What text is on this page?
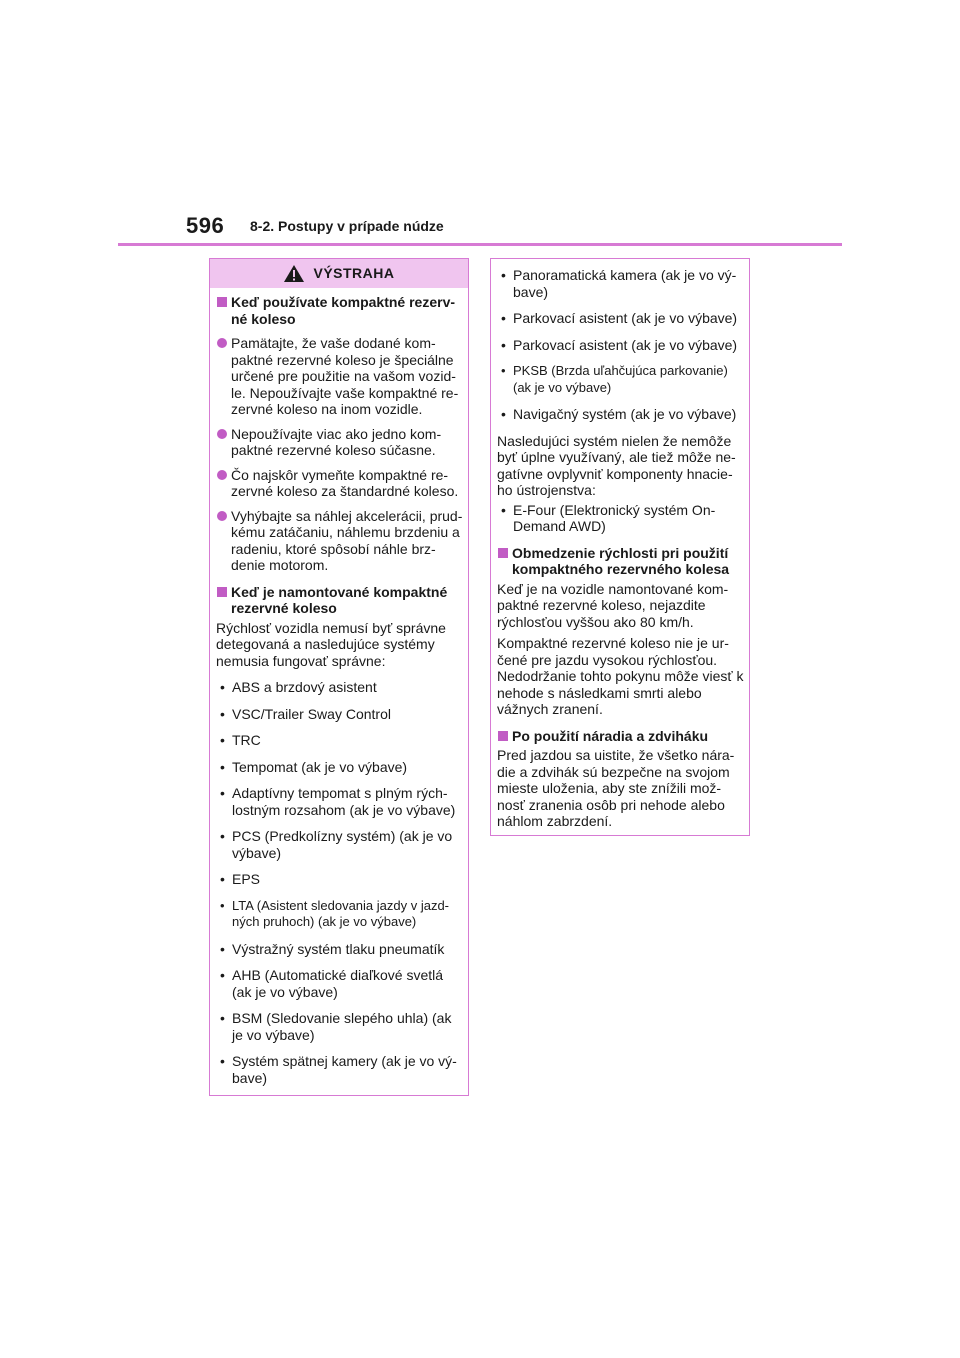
596 8-2. Postupy v prípade núdze
VÝSTRAHA
Keď používate kompaktné rezerv-né koleso
Pamätajte, že vaše dodané kom-paktné rezervné koleso je špeciálne určené pre použitie na vašom vozid-le. Nepoužívajte vaše kompaktné re-zervné koleso na inom vozidle.
Nepoužívajte viac ako jedno kom-paktné rezervné koleso súčasne.
Čo najskôr vymeňte kompaktné re-zervné koleso za štandardné koleso.
Vyhýbajte sa náhlej akcelerácii, prud-kému zatáčaniu, náhlemu brzdeniu a radeniu, ktoré spôsobí náhle brz-denie motorom.
Keď je namontované kompaktné rezervné koleso
Rýchlosť vozidla nemusí byť správne detegovaná a nasledujúce systémy nemusia fungovať správne:
• ABS a brzdový asistent
• VSC/Trailer Sway Control
• TRC
• Tempomat (ak je vo výbave)
• Adaptívny tempomat s plným rých-lostným rozsahom (ak je vo výbave)
• PCS (Predkolízny systém) (ak je vo výbave)
• EPS
• LTA (Asistent sledovania jazdy v jazd-ných pruhoch) (ak je vo výbave)
• Výstražný systém tlaku pneumatík
• AHB (Automatické diaľkové svetlá (ak je vo výbave)
• BSM (Sledovanie slepého uhla) (ak je vo výbave)
• Systém spätnej kamery (ak je vo vý-bave)
• Panoramatická kamera (ak je vo vý-bave)
• Parkovací asistent (ak je vo výbave)
• Parkovací asistent (ak je vo výbave)
• PKSB (Brzda uľahčujúca parkovanie) (ak je vo výbave)
• Navigačný systém (ak je vo výbave)
Nasledujúci systém nielen že nemôže byť úplne využívaný, ale tiež môže ne-gatívne ovplyvniť komponenty hnacie-ho ústrojenstva:
• E-Four (Elektronický systém On-Demand AWD)
Obmedzenie rýchlosti pri použití kompaktného rezervného kolesa
Keď je na vozidle namontované kom-paktné rezervné koleso, nejazdite rýchlosťou vyššou ako 80 km/h.
Kompaktné rezervné koleso nie je ur-čené pre jazdu vysokou rýchlosťou. Nedodržanie tohto pokynu môže viesť k nehode s následkami smrti alebo vážnych zranení.
Po použití náradia a zdviháku
Pred jazdou sa uistite, že všetko nára-die a zdvihák sú bezpečne na svojom mieste uloženia, aby ste znížili mož-nosť zranenia osôb pri nehode alebo náhlom zabrzdení.
